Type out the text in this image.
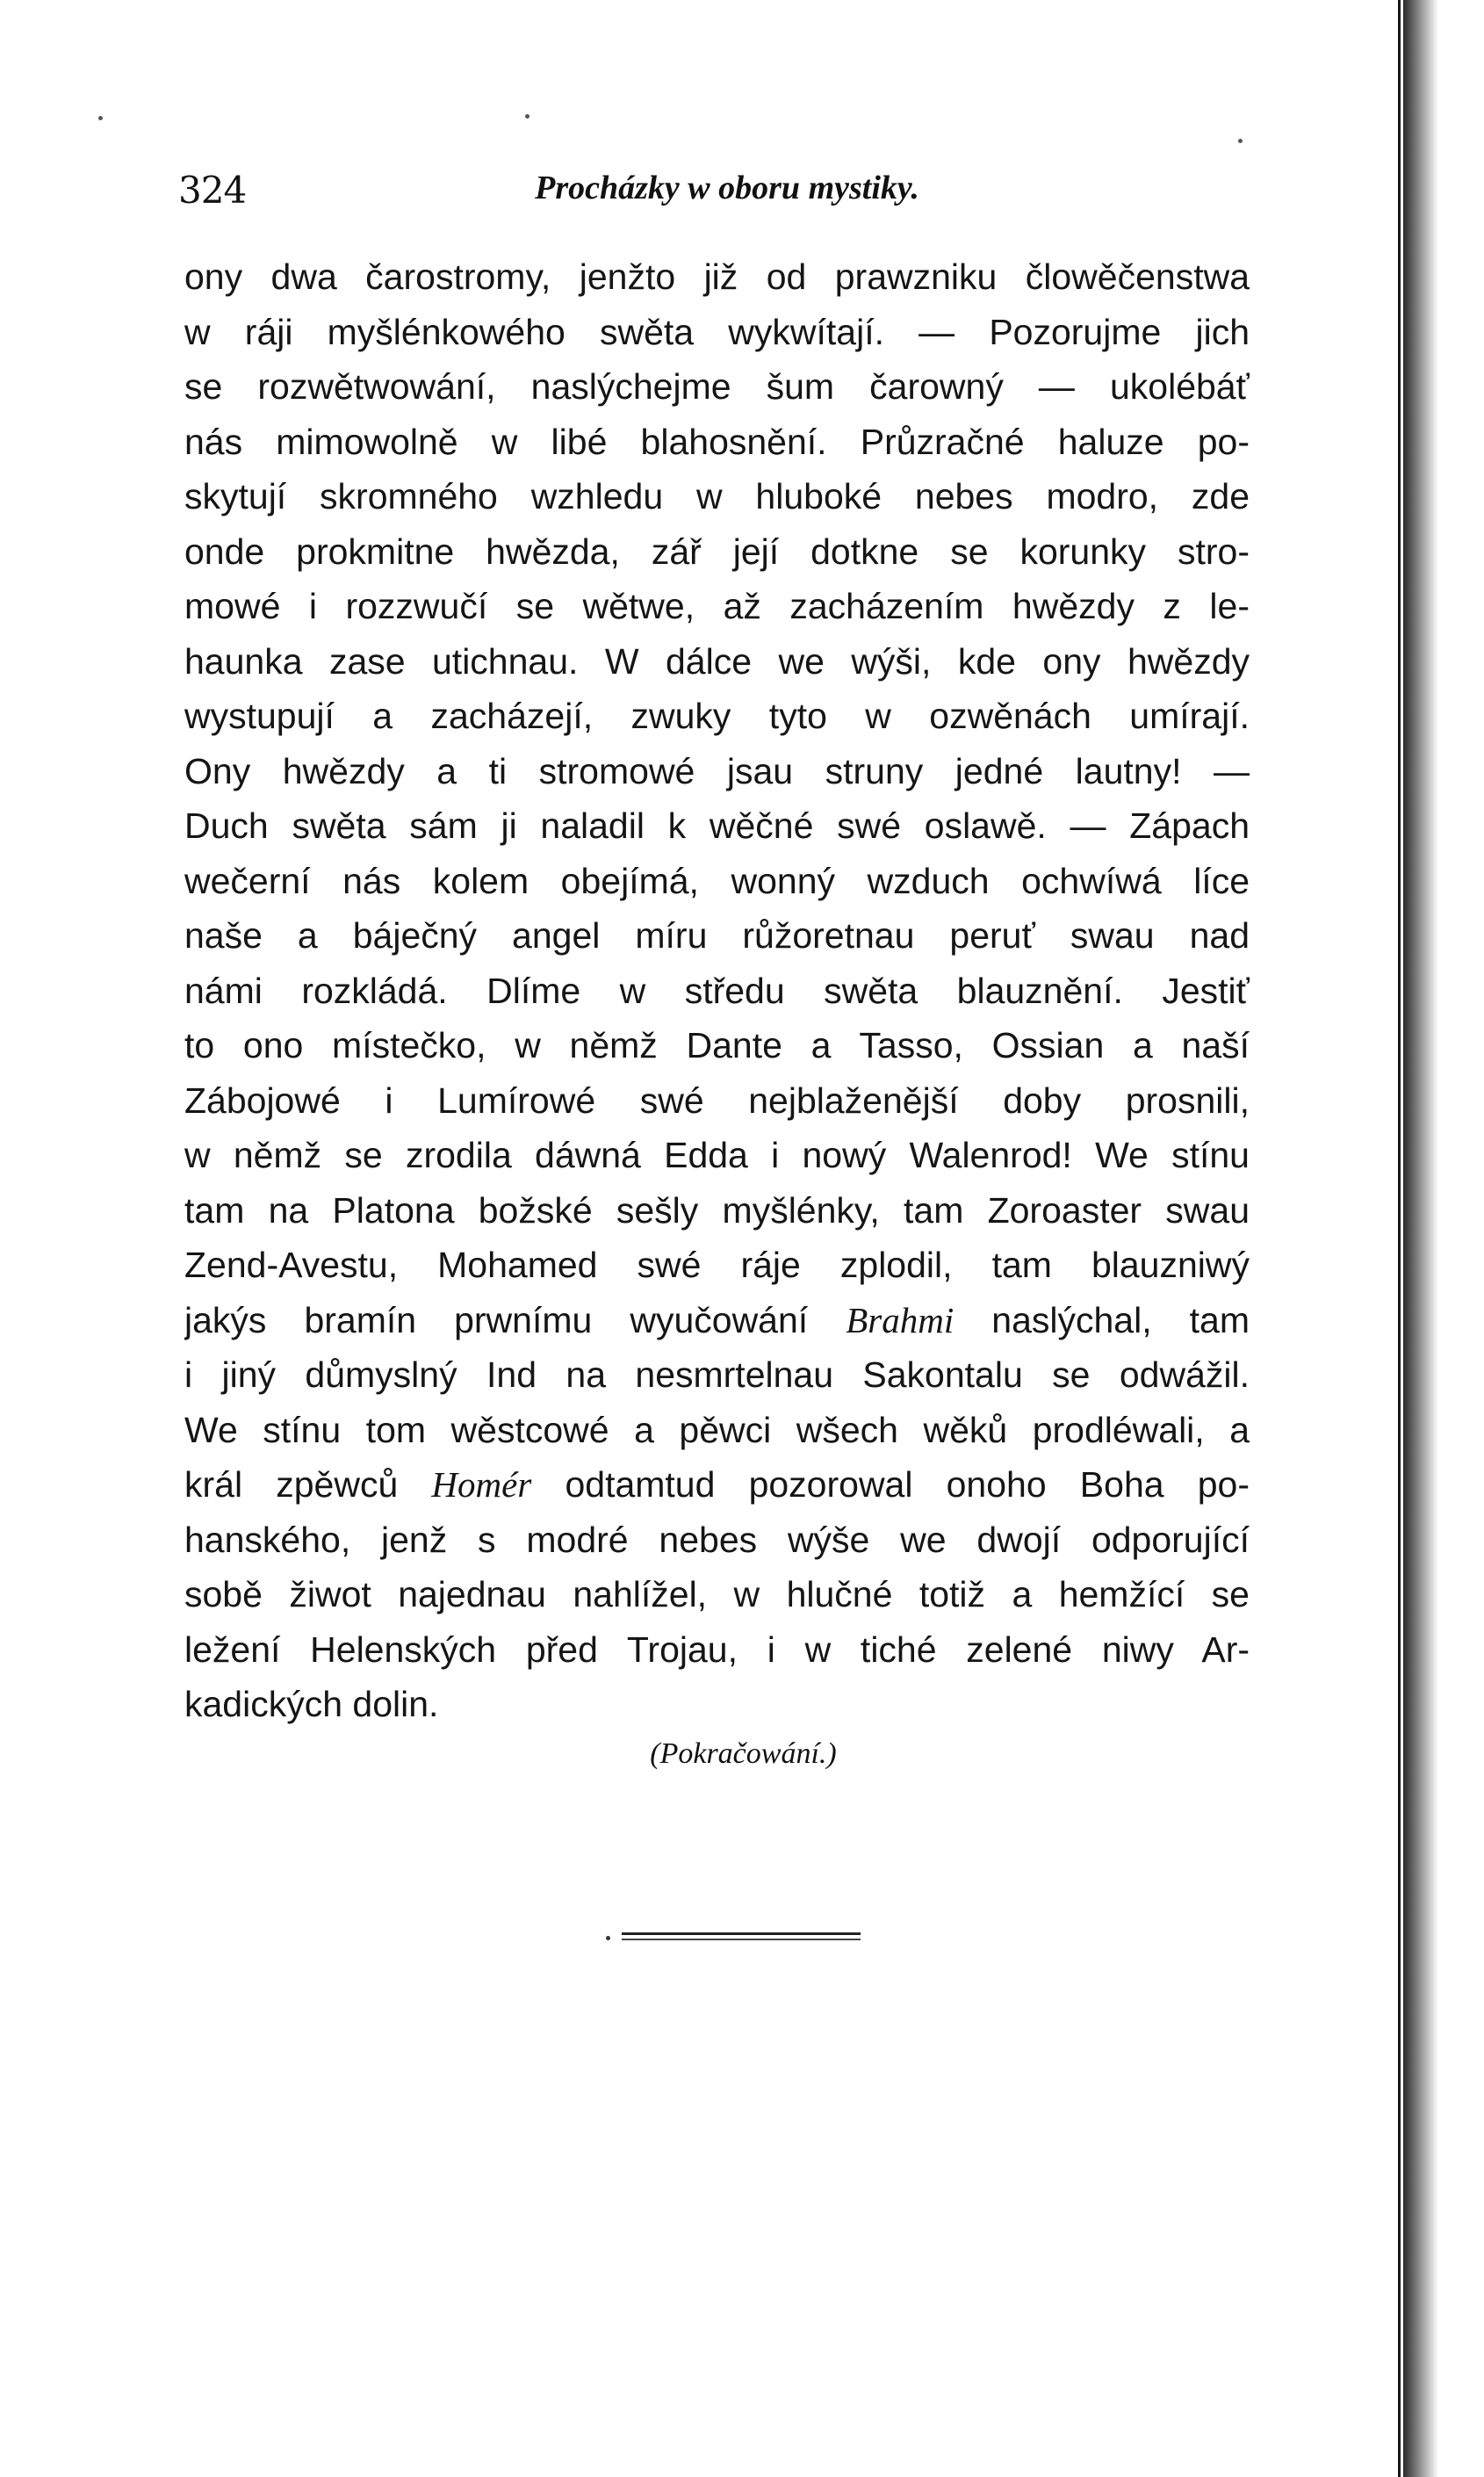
324	Procházky w oboru mystiky.
ony dwa čarostromy, jenžto již od prawzniku člowěčenstwa
w ráji myšlénkowého swěta wykwítají. — Pozorujme jich
se rozwětwowání, naslýchejme šum čarowný — ukolébáť
nás mimowolně w libé blahosnění. Průzračné haluze po-
skytují skromného wzhledu w hluboké nebes modro, zde
onde prokmitne hwězda, zář její dotkne se korunky stro-
mowé i rozzwučí se wětwe, až zacházením hwězdy z le-
haunka zase utichnau. W dálce we wýši, kde ony hwězdy
wystupují a zacházejí, zwuky tyto w ozwěnách umírají.
Ony hwězdy a ti stromowé jsau struny jedné lautny! —
Duch swěta sám ji naladil k wěčné swé oslawě. — Zápach
wečerní nás kolem obejímá, wonný wzduch ochwíwá líce
naše a báječný angel míru růžoretnau peruť swau nad
námi rozkládá. Dlíme w středu swěta blauznění. Jestiť
to ono místečko, w němž Dante a Tasso, Ossian a naší
Zábojowé i Lumírowé swé nejblaženější doby prosnili,
w němž se zrodila dáwná Edda i nowý Walenrod! We stínu
tam na Platona božské sešly myšlénky, tam Zoroaster swau
Zend-Avestu, Mohamed swé ráje zplodil, tam blauzniwý
jakýs bramín prwnímu wyučowání Brahmi naslýchal, tam
i jiný důmyslný Ind na nesmrtelnau Sakontalu se odwážil.
We stínu tom wěstcowé a pěwci wšech wěků prodléwali, a
král zpěwců Homér odtamtud pozorowal onoho Boha po-
hanského, jenž s modré nebes wýše we dwojí odporující
sobě žiwot najednau nahlížel, w hlučné totiž a hemžící se
ležení Helenských před Trojau, i w tiché zelené niwy Ar-
kadických dolin.
(Pokračowání.)
